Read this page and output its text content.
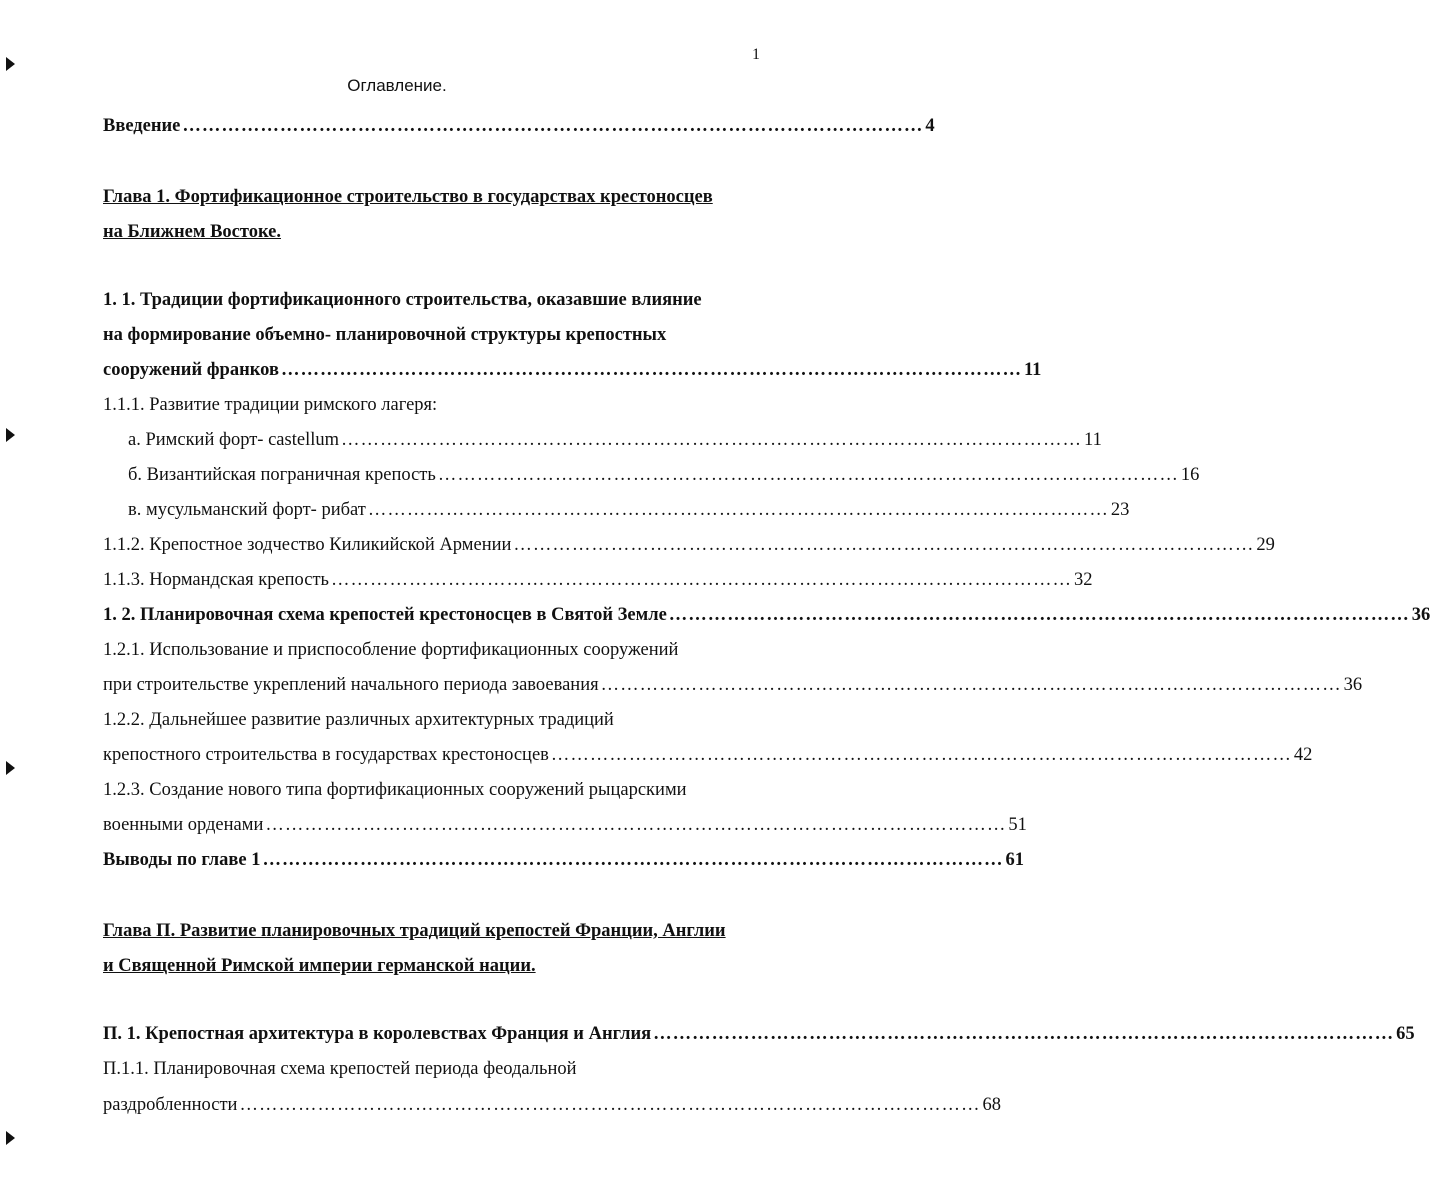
1
Оглавление.
Введение …………………………………………………………………………………………………… 4
Глава 1. Фортификационное строительство в государствах крестоносцев
на Ближнем Востоке.
1. 1. Традиции фортификационного строительства, оказавшие влияние
на формирование объемно- планировочной структуры крепостных
сооружений франков …………………………………………………………………………………………………… 11
1.1.1. Развитие традиции римского лагеря:
а. Римский форт- castellum …………………………………………………………………………………………………… 11
б. Византийская пограничная крепость …………………………………………………………………………………………………… 16
в. мусульманский форт- рибат …………………………………………………………………………………………………… 23
1.1.2. Крепостное зодчество Киликийской Армении …………………………………………………………………………………………………… 29
1.1.3. Нормандская крепость …………………………………………………………………………………………………… 32
1. 2. Планировочная схема крепостей крестоносцев в Святой Земле …………………………………………………………………………………………………… 36
1.2.1. Использование и приспособление фортификационных сооружений
при строительстве укреплений начального периода завоевания …………………………………………………………………………………………………… 36
1.2.2. Дальнейшее развитие различных архитектурных традиций
крепостного строительства в государствах крестоносцев …………………………………………………………………………………………………… 42
1.2.3. Создание нового типа фортификационных сооружений рыцарскими
военными орденами …………………………………………………………………………………………………… 51
Выводы по главе 1 …………………………………………………………………………………………………… 61
Глава П. Развитие планировочных традиций крепостей Франции, Англии
и Священной Римской империи германской нации.
П. 1. Крепостная архитектура в королевствах Франция и Англия …………………………………………………………………………………………………… 65
П.1.1. Планировочная схема крепостей периода феодальной
раздробленности …………………………………………………………………………………………………… 68
